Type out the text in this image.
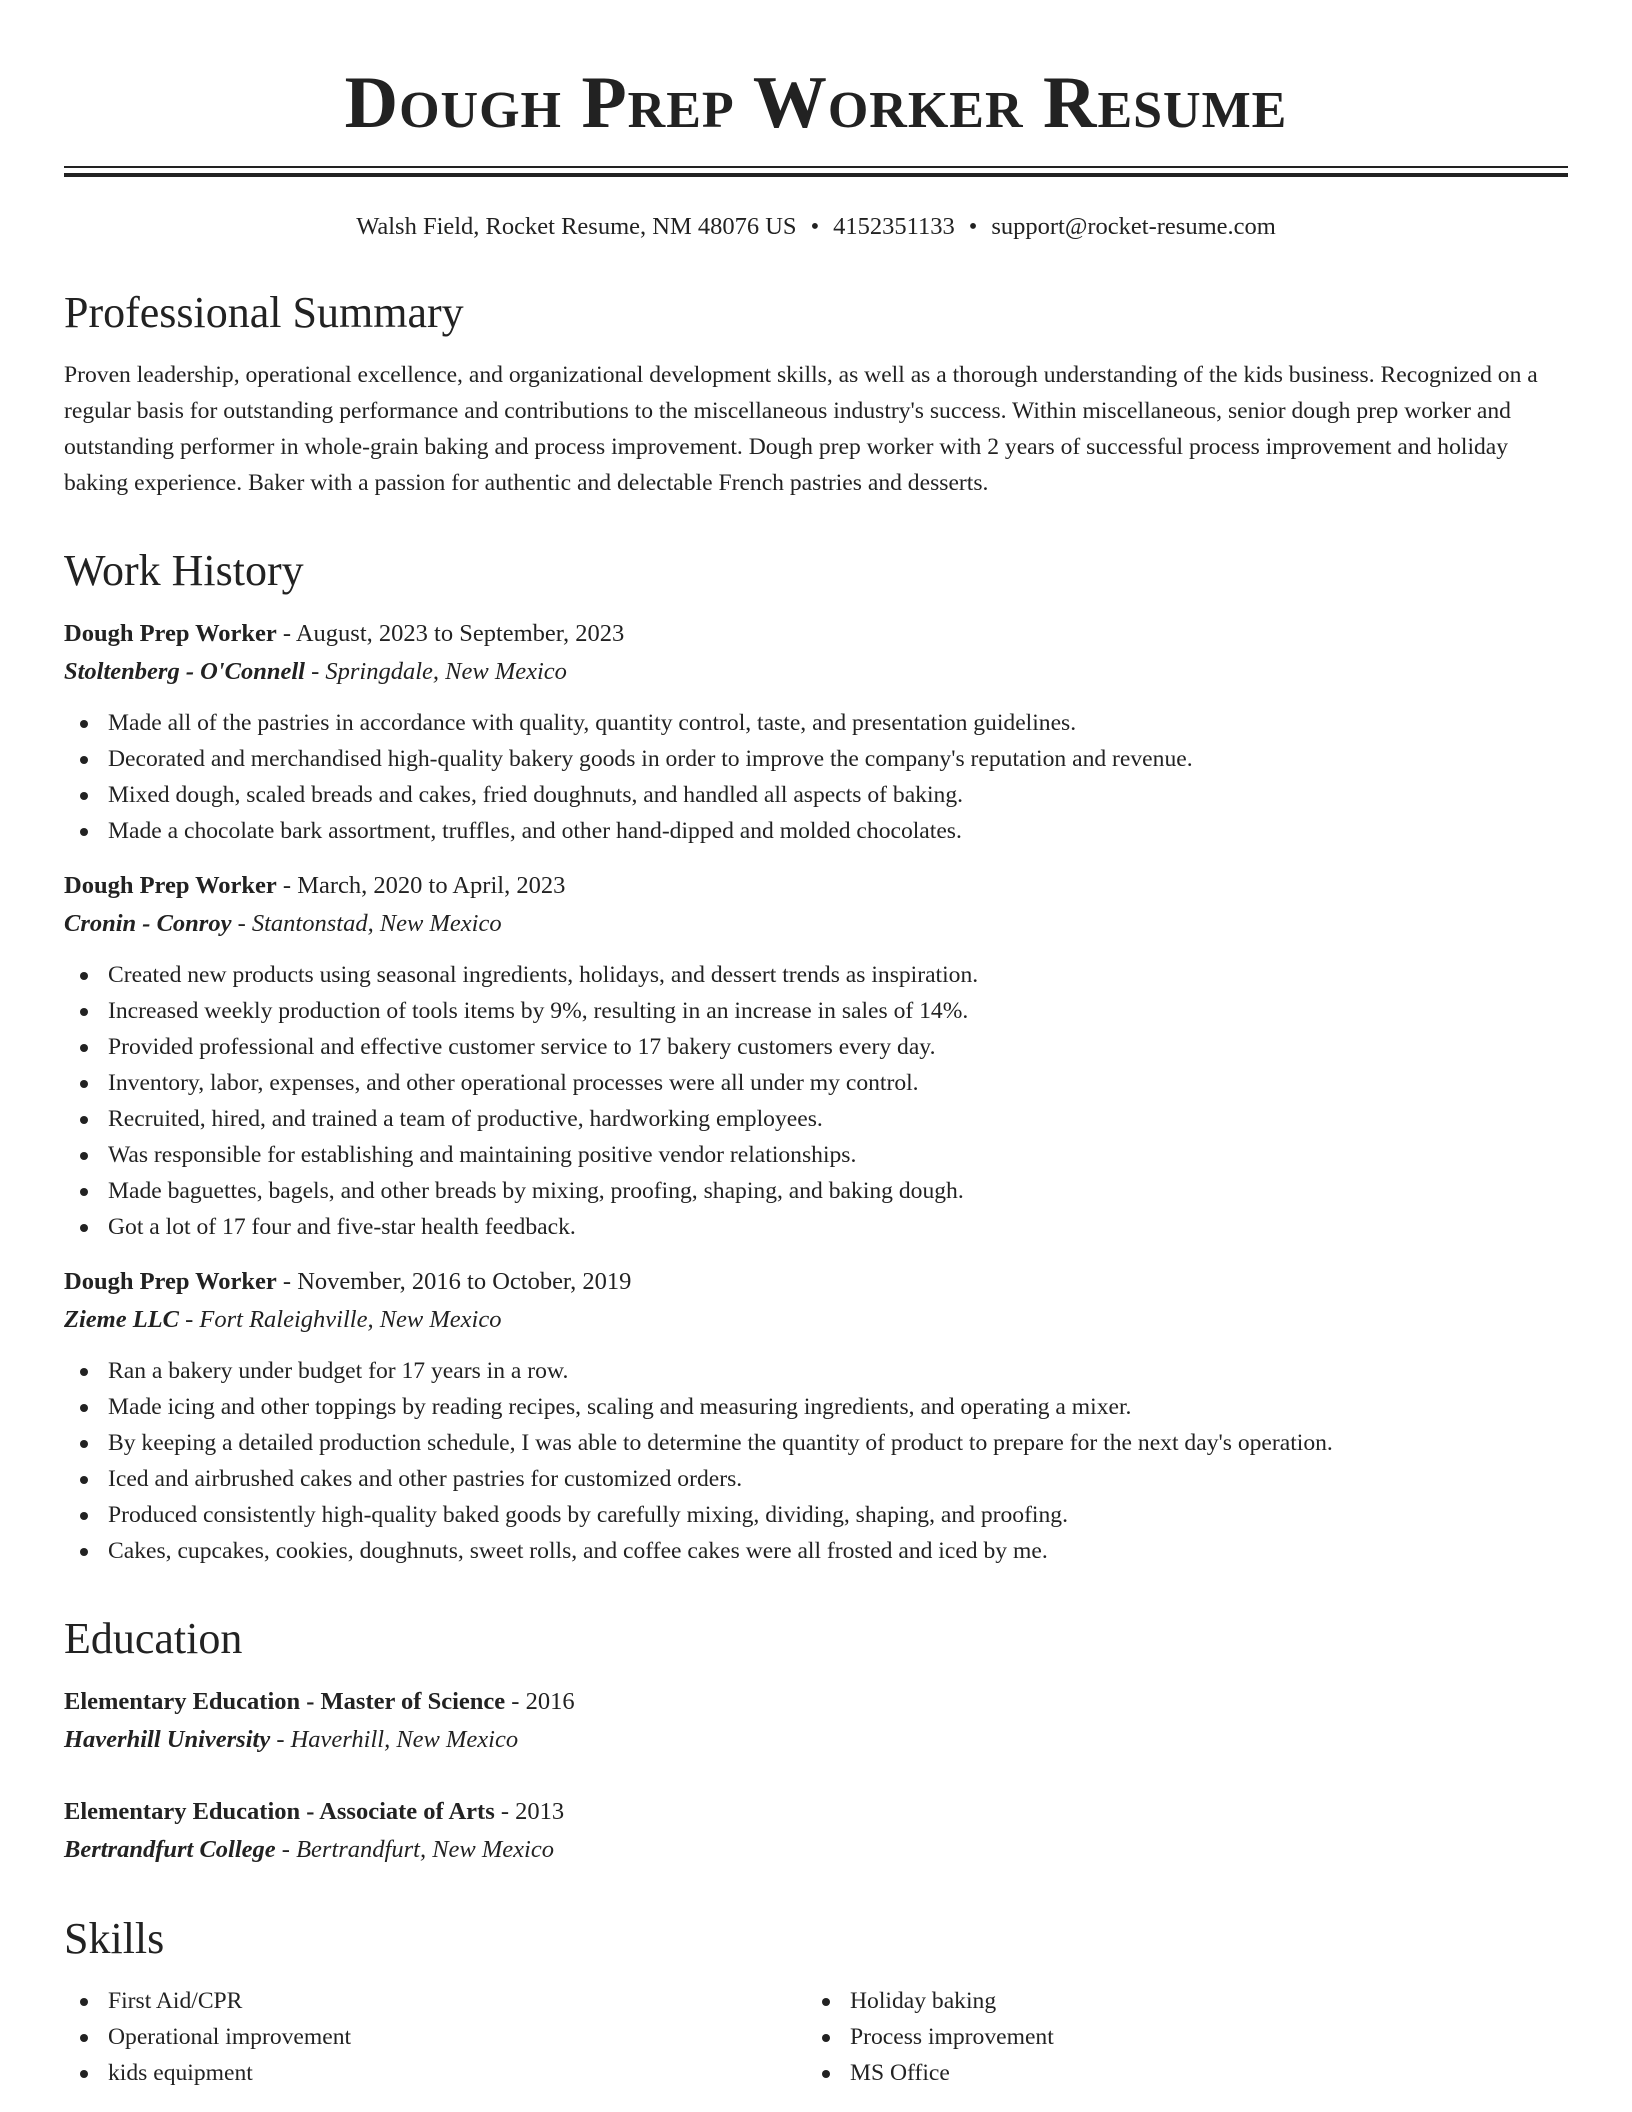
Dough Prep Worker Resume
Walsh Field, Rocket Resume, NM 48076 US • 4152351133 • support@rocket-resume.com
Professional Summary

Proven leadership, operational excellence, and organizational development skills, as well as a thorough understanding of the kids business. Recognized on a regular basis for outstanding performance and contributions to the miscellaneous industry's success. Within miscellaneous, senior dough prep worker and outstanding performer in whole-grain baking and process improvement. Dough prep worker with 2 years of successful process improvement and holiday baking experience. Baker with a passion for authentic and delectable French pastries and desserts.

Work History
Dough Prep Worker - August, 2023 to September, 2023
Stoltenberg - O'Connell - Springdale, New Mexico
Made all of the pastries in accordance with quality, quantity control, taste, and presentation guidelines.
Decorated and merchandised high-quality bakery goods in order to improve the company's reputation and revenue.
Mixed dough, scaled breads and cakes, fried doughnuts, and handled all aspects of baking.
Made a chocolate bark assortment, truffles, and other hand-dipped and molded chocolates.
Dough Prep Worker - March, 2020 to April, 2023
Cronin - Conroy - Stantonstad, New Mexico
Created new products using seasonal ingredients, holidays, and dessert trends as inspiration.
Increased weekly production of tools items by 9%, resulting in an increase in sales of 14%.
Provided professional and effective customer service to 17 bakery customers every day.
Inventory, labor, expenses, and other operational processes were all under my control.
Recruited, hired, and trained a team of productive, hardworking employees.
Was responsible for establishing and maintaining positive vendor relationships.
Made baguettes, bagels, and other breads by mixing, proofing, shaping, and baking dough.
Got a lot of 17 four and five-star health feedback.
Dough Prep Worker - November, 2016 to October, 2019
Zieme LLC - Fort Raleighville, New Mexico
Ran a bakery under budget for 17 years in a row.
Made icing and other toppings by reading recipes, scaling and measuring ingredients, and operating a mixer.
By keeping a detailed production schedule, I was able to determine the quantity of product to prepare for the next day's operation.
Iced and airbrushed cakes and other pastries for customized orders.
Produced consistently high-quality baked goods by carefully mixing, dividing, shaping, and proofing.
Cakes, cupcakes, cookies, doughnuts, sweet rolls, and coffee cakes were all frosted and iced by me.
Education
Elementary Education - Master of Science - 2016
Haverhill University - Haverhill, New Mexico
Elementary Education - Associate of Arts - 2013
Bertrandfurt College - Bertrandfurt, New Mexico
Skills
First Aid/CPR
Operational improvement
kids equipment
Holiday baking
Process improvement
MS Office
